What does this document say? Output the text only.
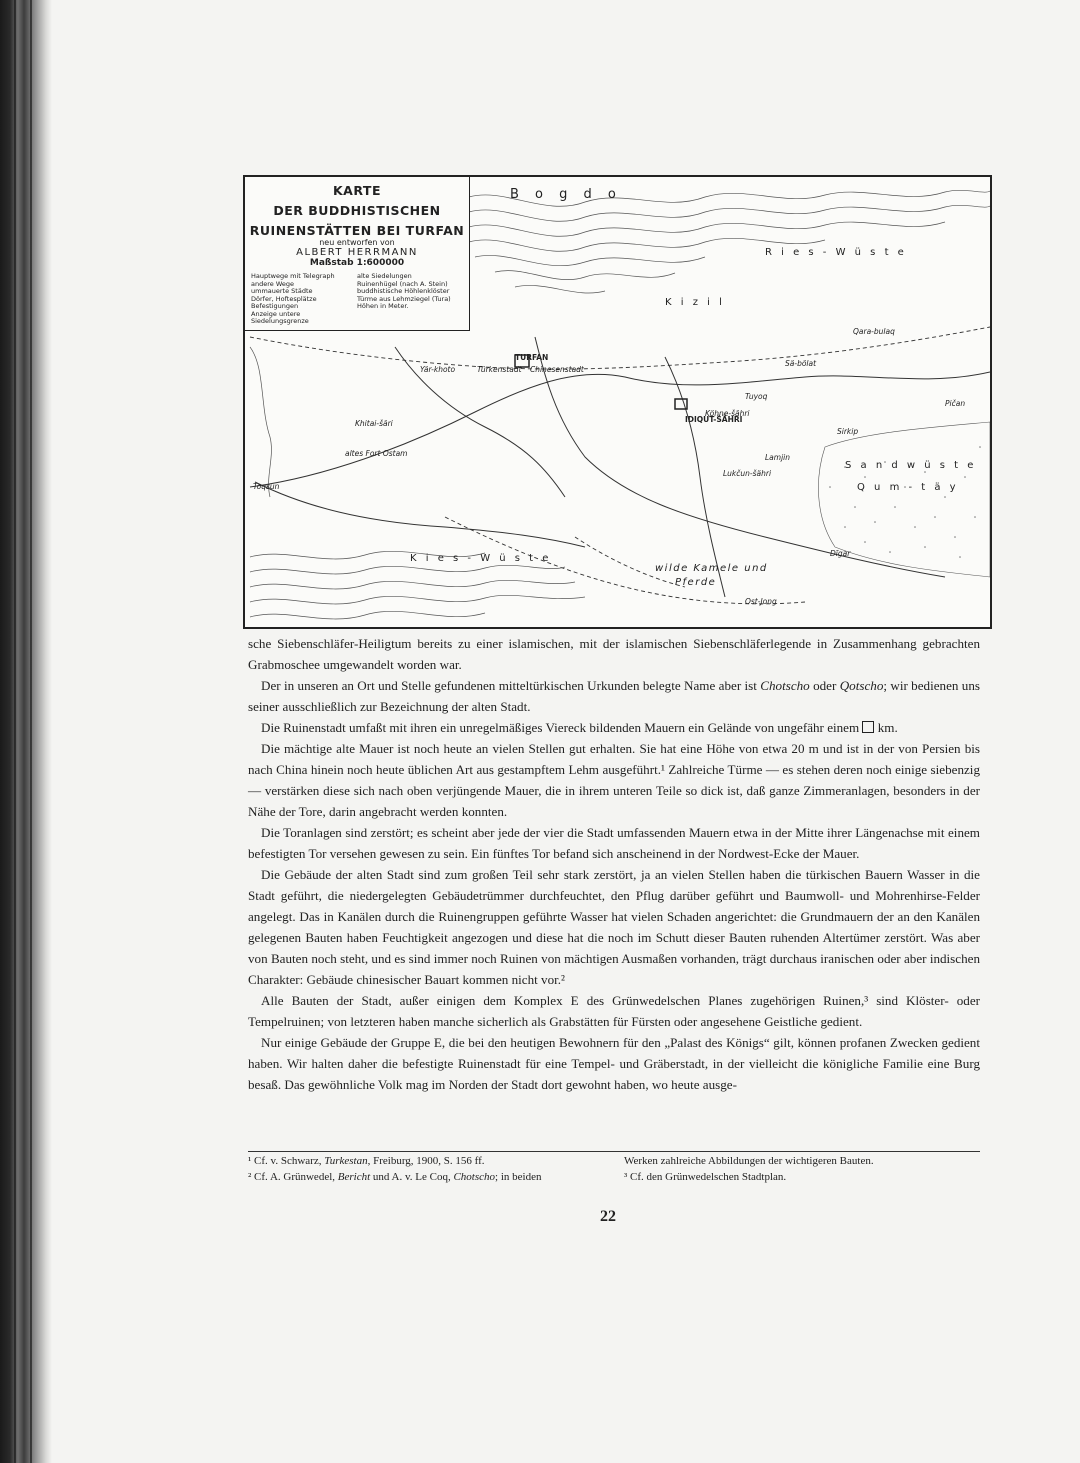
KARTE
DER BUDDHISTISCHEN
RUINENSTÄTTEN BEI TURFAN
neu entworfen von
ALBERT HERRMANN
Maßstab 1:600000
Hauptwege mit Telegraph
andere Wege
ummauerte Städte
Dörfer, Hoftesplätze
Befestigungen
Anzeige untere Siedelungsgrenze
alte Siedelungen
Ruinenhügel (nach A. Stein)
buddhistische Höhlenklöster
Türme aus Lehmziegel (Tura)
Höhen in Meter.
B o g d o
K i z i l
R i e s - W ü s t e
S a n d w ü s t e
Q u m - t ä y
K i e s - W ü s t e
TURFAN
IDIQUT-ŠÄHRI
wilde Kamele und
Pferde
Toqsun
altes Fort Ostam
Chinesenstadt
Türkenstadt
Lukčun-šähri
Qara-bulaq
Pičan
Dīgar
Ost-Jong
Sä-bölat
Lamjin
Yär-khoto
Khitai-šäri
Köhne-šähri
Sirkip
Tuyoq

sche Siebenschläfer-Heiligtum bereits zu einer islamischen, mit der islamischen Siebenschläferlegende in Zusammenhang gebrachten Grabmoschee umgewandelt worden war.

Der in unseren an Ort und Stelle gefundenen mitteltürkischen Urkunden belegte Name aber ist Chotscho oder Qotscho; wir bedienen uns seiner ausschließlich zur Bezeichnung der alten Stadt.

Die Ruinenstadt umfaßt mit ihren ein unregelmäßiges Viereck bildenden Mauern ein Gelände von ungefähr einem  km.

Die mächtige alte Mauer ist noch heute an vielen Stellen gut erhalten. Sie hat eine Höhe von etwa 20 m und ist in der von Persien bis nach China hinein noch heute üblichen Art aus gestampftem Lehm ausgeführt.¹ Zahlreiche Türme — es stehen deren noch einige siebenzig — verstärken diese sich nach oben verjüngende Mauer, die in ihrem unteren Teile so dick ist, daß ganze Zimmeranlagen, besonders in der Nähe der Tore, darin angebracht werden konnten.

Die Toranlagen sind zerstört; es scheint aber jede der vier die Stadt umfassenden Mauern etwa in der Mitte ihrer Längenachse mit einem befestigten Tor versehen gewesen zu sein. Ein fünftes Tor befand sich anscheinend in der Nordwest-Ecke der Mauer.

Die Gebäude der alten Stadt sind zum großen Teil sehr stark zerstört, ja an vielen Stellen haben die türkischen Bauern Wasser in die Stadt geführt, die niedergelegten Gebäudetrümmer durchfeuchtet, den Pflug darüber geführt und Baumwoll- und Mohrenhirse-Felder angelegt. Das in Kanälen durch die Ruinengruppen geführte Wasser hat vielen Schaden angerichtet: die Grundmauern der an den Kanälen gelegenen Bauten haben Feuchtigkeit angezogen und diese hat die noch im Schutt dieser Bauten ruhenden Altertümer zerstört. Was aber von Bauten noch steht, und es sind immer noch Ruinen von mächtigen Ausmaßen vorhanden, trägt durchaus iranischen oder aber indischen Charakter: Gebäude chinesischer Bauart kommen nicht vor.²

Alle Bauten der Stadt, außer einigen dem Komplex E des Grünwedelschen Planes zugehörigen Ruinen,³ sind Klöster- oder Tempelruinen; von letzteren haben manche sicherlich als Grabstätten für Fürsten oder angesehene Geistliche gedient.

Nur einige Gebäude der Gruppe E, die bei den heutigen Bewohnern für den „Palast des Königs“ gilt, können profanen Zwecken gedient haben. Wir halten daher die befestigte Ruinenstadt für eine Tempel- und Gräberstadt, in der vielleicht die königliche Familie eine Burg besaß. Das gewöhnliche Volk mag im Norden der Stadt dort gewohnt haben, wo heute ausge-

¹ Cf. v. Schwarz, Turkestan, Freiburg, 1900, S. 156 ff.
² Cf. A. Grünwedel, Bericht und A. v. Le Coq, Chotscho; in beiden
Werken zahlreiche Abbildungen der wichtigeren Bauten.
³ Cf. den Grünwedelschen Stadtplan.
22
